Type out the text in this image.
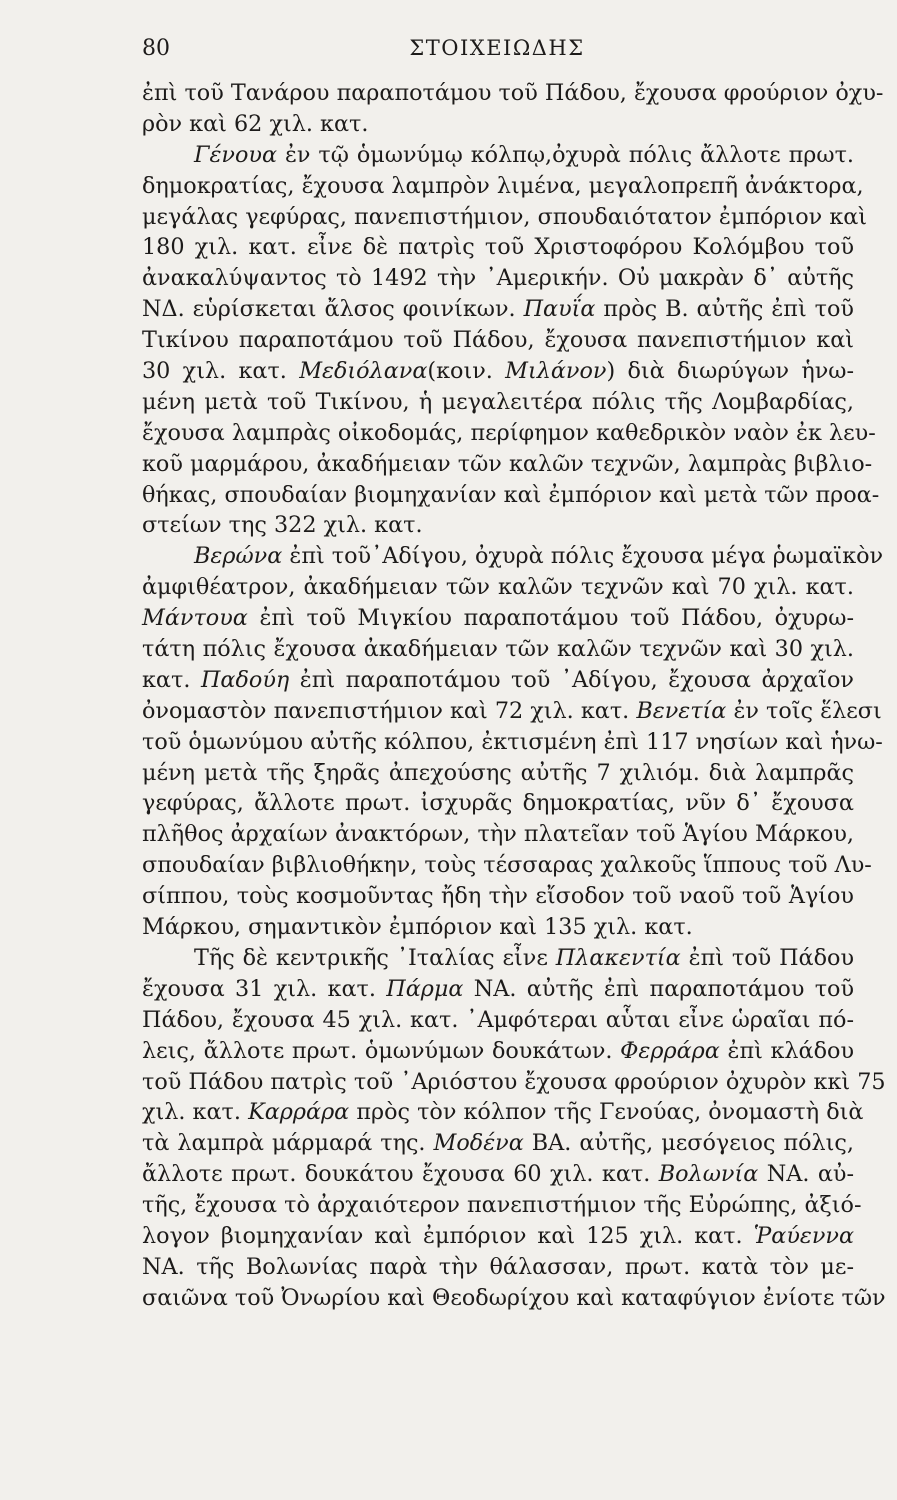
80	ΣΤΟΙΧΕΙΩΔΗΣ
ἐπὶ τοῦ Τανάρου παραποτάμου τοῦ Πάδου, ἔχουσα φρούριον ὀχυ-
ρὸν καὶ 62 χιλ. κατ.
Γένουα ἐν τῷ ὁμωνύμῳ κόλπῳ,ὀχυρὰ πόλις ἄλλοτε πρωτ.
δημοκρατίας, ἔχουσα λαμπρὸν λιμένα, μεγαλοπρεπῆ ἀνάκτορα,
μεγάλας γεφύρας, πανεπιστήμιον, σπουδαιότατον ἐμπόριον καὶ
180 χιλ. κατ. εἶνε δὲ πατρὶς τοῦ Χριστοφόρου Κολόμβου τοῦ
ἀνακαλύψαντος τὸ 1492 τὴν ᾿Αμερικήν. Οὐ μακρὰν δ᾿ αὐτῆς
ΝΔ. εὑρίσκεται ἄλσος φοινίκων. Παυΐα πρὸς Β. αὐτῆς ἐπὶ τοῦ
Τικίνου παραποτάμου τοῦ Πάδου, ἔχουσα πανεπιστήμιον καὶ
30 χιλ. κατ. Μεδιόλανα(κοιν. Μιλάνον) διὰ διωρύγων ἡνω-
μένη μετὰ τοῦ Τικίνου, ἡ μεγαλειτέρα πόλις τῆς Λομβαρδίας,
ἔχουσα λαμπρὰς οἰκοδομάς, περίφημον καθεδρικὸν ναὸν ἐκ λευ-
κοῦ μαρμάρου, ἀκαδήμειαν τῶν καλῶν τεχνῶν, λαμπρὰς βιβλιο-
θήκας, σπουδαίαν βιομηχανίαν καὶ ἐμπόριον καὶ μετὰ τῶν προα-
στείων της 322 χιλ. κατ.
Βερώνα ἐπὶ τοῦ᾿Αδίγου, ὀχυρὰ πόλις ἔχουσα μέγα ῥωμαϊκὸν
ἀμφιθέατρον, ἀκαδήμειαν τῶν καλῶν τεχνῶν καὶ 70 χιλ. κατ.
Μάντουα ἐπὶ τοῦ Μιγκίου παραποτάμου τοῦ Πάδου, ὀχυρω-
τάτη πόλις ἔχουσα ἀκαδήμειαν τῶν καλῶν τεχνῶν καὶ 30 χιλ.
κατ. Παδούη ἐπὶ παραποτάμου τοῦ ᾿Αδίγου, ἔχουσα ἀρχαῖον
ὀνομαστὸν πανεπιστήμιον καὶ 72 χιλ. κατ. Βενετία ἐν τοῖς ἕλεσι
τοῦ ὁμωνύμου αὐτῆς κόλπου, ἐκτισμένη ἐπὶ 117 νησίων καὶ ἡνω-
μένη μετὰ τῆς ξηρᾶς ἀπεχούσης αὐτῆς 7 χιλιόμ. διὰ λαμπρᾶς
γεφύρας, ἄλλοτε πρωτ. ἰσχυρᾶς δημοκρατίας, νῦν δ᾿ ἔχουσα
πλῆθος ἀρχαίων ἀνακτόρων, τὴν πλατεῖαν τοῦ Ἁγίου Μάρκου,
σπουδαίαν βιβλιοθήκην, τοὺς τέσσαρας χαλκοῦς ἵππους τοῦ Λυ-
σίππου, τοὺς κοσμοῦντας ἤδη τὴν εἴσοδον τοῦ ναοῦ τοῦ Ἁγίου
Μάρκου, σημαντικὸν ἐμπόριον καὶ 135 χιλ. κατ.
Τῆς δὲ κεντρικῆς ᾿Ιταλίας εἶνε Πλακεντία ἐπὶ τοῦ Πάδου
ἔχουσα 31 χιλ. κατ. Πάρμα ΝΑ. αὐτῆς ἐπὶ παραποτάμου τοῦ
Πάδου, ἔχουσα 45 χιλ. κατ. ᾿Αμφότεραι αὗται εἶνε ὡραῖαι πό-
λεις, ἄλλοτε πρωτ. ὁμωνύμων δουκάτων. Φερράρα ἐπὶ κλάδου
τοῦ Πάδου πατρὶς τοῦ ᾿Αριόστου ἔχουσα φρούριον ὀχυρὸν κκὶ 75
χιλ. κατ. Καρράρα πρὸς τὸν κόλπον τῆς Γενούας, ὀνομαστὴ διὰ
τὰ λαμπρὰ μάρμαρά της. Μοδένα ΒΑ. αὐτῆς, μεσόγειος πόλις,
ἄλλοτε πρωτ. δουκάτου ἔχουσα 60 χιλ. κατ. Βολωνία ΝΑ. αὐ-
τῆς, ἔχουσα τὸ ἀρχαιότερον πανεπιστήμιον τῆς Εὐρώπης, ἀξιό-
λογον βιομηχανίαν καὶ ἐμπόριον καὶ 125 χιλ. κατ. Ῥαύεννα
ΝΑ. τῆς Βολωνίας παρὰ τὴν θάλασσαν, πρωτ. κατὰ τὸν με-
σαιῶνα τοῦ Ὀνωρίου καὶ Θεοδωρίχου καὶ καταφύγιον ἐνίοτε τῶν
